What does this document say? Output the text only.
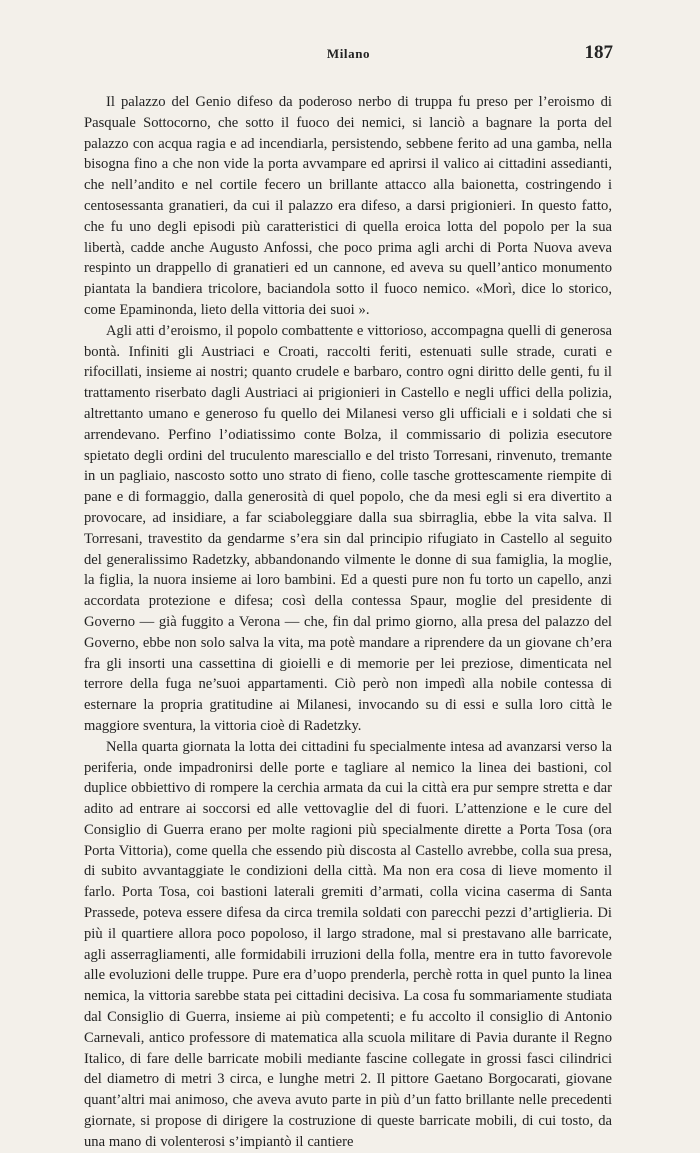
Milano	187

Il palazzo del Genio difeso da poderoso nerbo di truppa fu preso per l’eroismo di Pasquale Sottocorno, che sotto il fuoco dei nemici, si lanciò a bagnare la porta del palazzo con acqua ragia e ad incendiarla, persistendo, sebbene ferito ad una gamba, nella bisogna fino a che non vide la porta avvampare ed aprirsi il valico ai cittadini assedianti, che nell’andito e nel cortile fecero un brillante attacco alla baionetta, costringendo i centosessanta granatieri, da cui il palazzo era difeso, a darsi prigionieri. In questo fatto, che fu uno degli episodi più caratteristici di quella eroica lotta del popolo per la sua libertà, cadde anche Augusto Anfossi, che poco prima agli archi di Porta Nuova aveva respinto un drappello di granatieri ed un cannone, ed aveva su quell’antico monumento piantata la bandiera tricolore, baciandola sotto il fuoco nemico. «Morì, dice lo storico, come Epaminonda, lieto della vittoria dei suoi ».

Agli atti d’eroismo, il popolo combattente e vittorioso, accompagna quelli di generosa bontà. Infiniti gli Austriaci e Croati, raccolti feriti, estenuati sulle strade, curati e rifocillati, insieme ai nostri; quanto crudele e barbaro, contro ogni diritto delle genti, fu il trattamento riserbato dagli Austriaci ai prigionieri in Castello e negli uffici della polizia, altrettanto umano e generoso fu quello dei Milanesi verso gli ufficiali e i soldati che si arrendevano. Perfino l’odiatissimo conte Bolza, il commissario di polizia esecutore spietato degli ordini del truculento maresciallo e del tristo Torresani, rinvenuto, tremante in un pagliaio, nascosto sotto uno strato di fieno, colle tasche grottescamente riempite di pane e di formaggio, dalla generosità di quel popolo, che da mesi egli si era divertito a provocare, ad insidiare, a far sciaboleggiare dalla sua sbirraglia, ebbe la vita salva. Il Torresani, travestito da gendarme s’era sin dal principio rifugiato in Castello al seguito del generalissimo Radetzky, abbandonando vilmente le donne di sua famiglia, la moglie, la figlia, la nuora insieme ai loro bambini. Ed a questi pure non fu torto un capello, anzi accordata protezione e difesa; così della contessa Spaur, moglie del presidente di Governo — già fuggito a Verona — che, fin dal primo giorno, alla presa del palazzo del Governo, ebbe non solo salva la vita, ma potè mandare a riprendere da un giovane ch’era fra gli insorti una cassettina di gioielli e di memorie per lei preziose, dimenticata nel terrore della fuga ne’suoi appartamenti. Ciò però non impedì alla nobile contessa di esternare la propria gratitudine ai Milanesi, invocando su di essi e sulla loro città le maggiore sventura, la vittoria cioè di Radetzky.

Nella quarta giornata la lotta dei cittadini fu specialmente intesa ad avanzarsi verso la periferia, onde impadronirsi delle porte e tagliare al nemico la linea dei bastioni, col duplice obbiettivo di rompere la cerchia armata da cui la città era pur sempre stretta e dar adito ad entrare ai soccorsi ed alle vettovaglie del di fuori. L’attenzione e le cure del Consiglio di Guerra erano per molte ragioni più specialmente dirette a Porta Tosa (ora Porta Vittoria), come quella che essendo più discosta al Castello avrebbe, colla sua presa, di subito avvantaggiate le condizioni della città. Ma non era cosa di lieve momento il farlo. Porta Tosa, coi bastioni laterali gremiti d’armati, colla vicina caserma di Santa Prassede, poteva essere difesa da circa tremila soldati con parecchi pezzi d’artiglieria. Di più il quartiere allora poco popoloso, il largo stradone, mal si prestavano alle barricate, agli asserragliamenti, alle formidabili irruzioni della folla, mentre era in tutto favorevole alle evoluzioni delle truppe. Pure era d’uopo prenderla, perchè rotta in quel punto la linea nemica, la vittoria sarebbe stata pei cittadini decisiva. La cosa fu sommariamente studiata dal Consiglio di Guerra, insieme ai più competenti; e fu accolto il consiglio di Antonio Carnevali, antico professore di matematica alla scuola militare di Pavia durante il Regno Italico, di fare delle barricate mobili mediante fascine collegate in grossi fasci cilindrici del diametro di metri 3 circa, e lunghe metri 2. Il pittore Gaetano Borgocarati, giovane quant’altri mai animoso, che aveva avuto parte in più d’un fatto brillante nelle precedenti giornate, si propose di dirigere la costruzione di queste barricate mobili, di cui tosto, da una mano di volenterosi s’impiantò il cantiere
